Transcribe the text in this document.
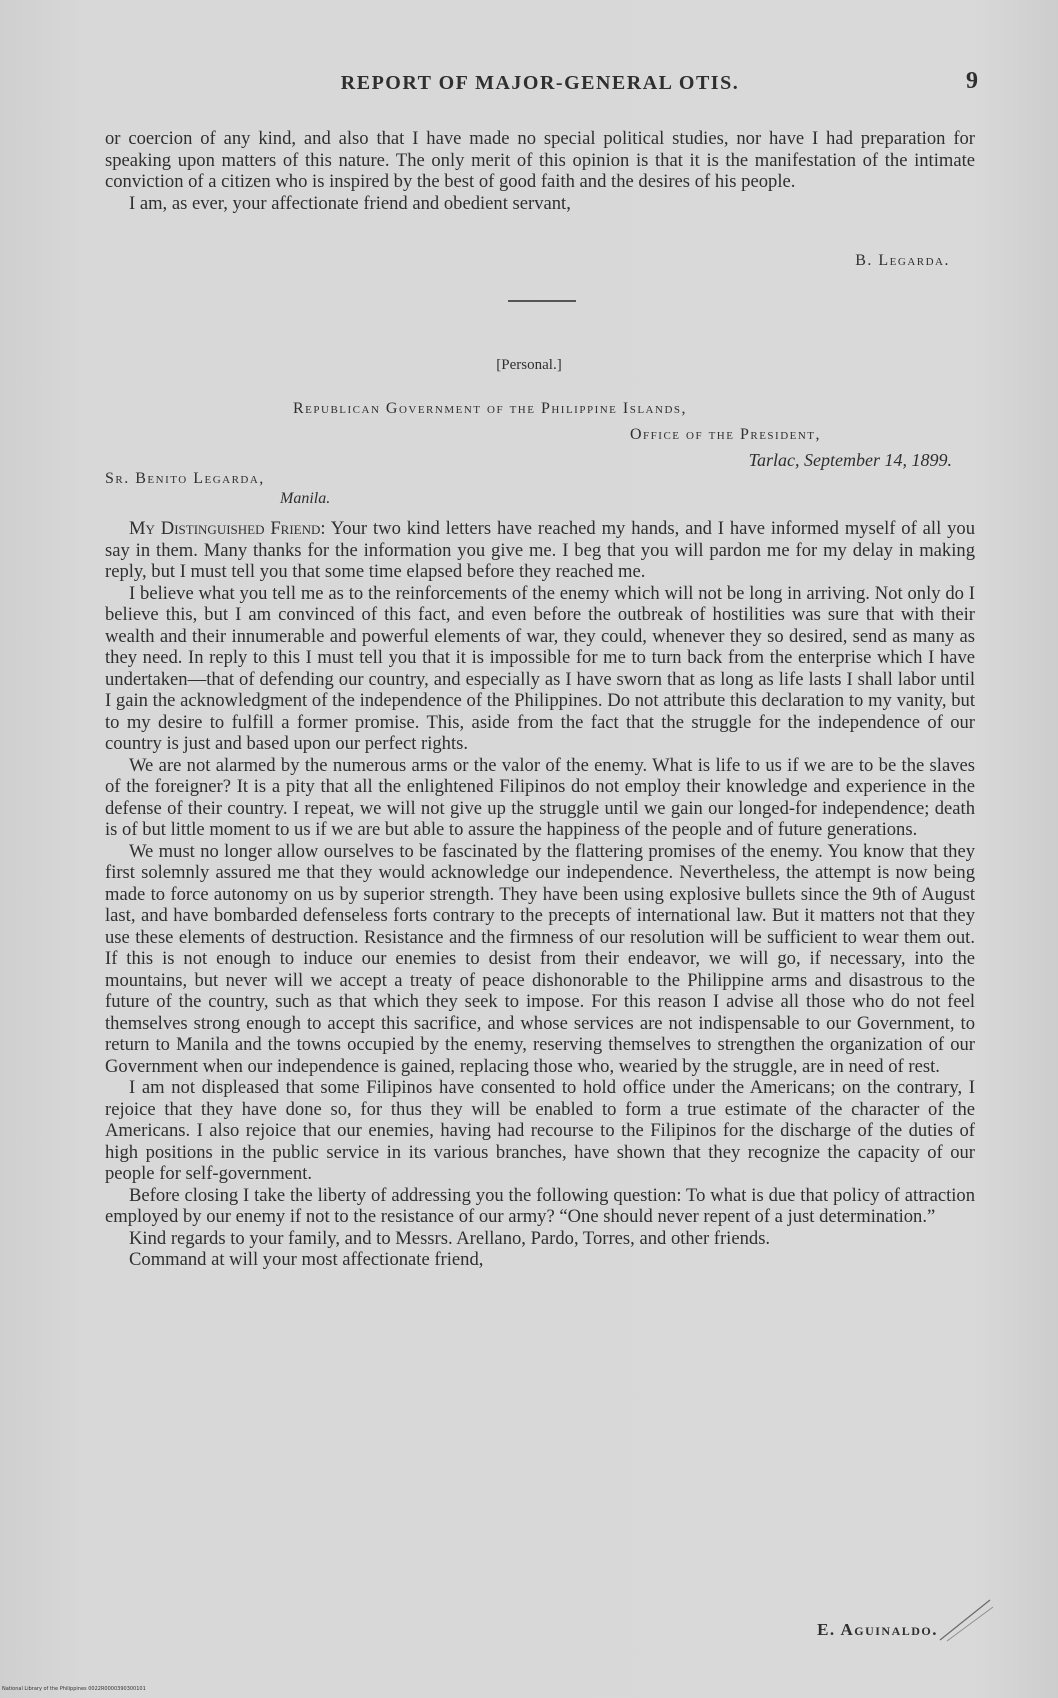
REPORT OF MAJOR-GENERAL OTIS.	9

or coercion of any kind, and also that I have made no special political studies, nor have I had preparation for speaking upon matters of this nature. The only merit of this opinion is that it is the manifestation of the intimate conviction of a citizen who is inspired by the best of good faith and the desires of his people.

I am, as ever, your affectionate friend and obedient servant,

B. Legarda.
[Personal.]
Republican Government of the Philippine Islands,
Office of the President,
Tarlac, September 14, 1899.
Sr. Benito Legarda,
Manila.

My Distinguished Friend: Your two kind letters have reached my hands, and I have informed myself of all you say in them. Many thanks for the information you give me. I beg that you will pardon me for my delay in making reply, but I must tell you that some time elapsed before they reached me.

I believe what you tell me as to the reinforcements of the enemy which will not be long in arriving. Not only do I believe this, but I am convinced of this fact, and even before the outbreak of hostilities was sure that with their wealth and their innumerable and powerful elements of war, they could, whenever they so desired, send as many as they need. In reply to this I must tell you that it is impossible for me to turn back from the enterprise which I have undertaken—that of defending our country, and especially as I have sworn that as long as life lasts I shall labor until I gain the acknowledgment of the independence of the Philippines. Do not attribute this declaration to my vanity, but to my desire to fulfill a former promise. This, aside from the fact that the struggle for the independence of our country is just and based upon our perfect rights.

We are not alarmed by the numerous arms or the valor of the enemy. What is life to us if we are to be the slaves of the foreigner? It is a pity that all the enlightened Filipinos do not employ their knowledge and experience in the defense of their country. I repeat, we will not give up the struggle until we gain our longed-for independence; death is of but little moment to us if we are but able to assure the happiness of the people and of future generations.

We must no longer allow ourselves to be fascinated by the flattering promises of the enemy. You know that they first solemnly assured me that they would acknowledge our independence. Nevertheless, the attempt is now being made to force autonomy on us by superior strength. They have been using explosive bullets since the 9th of August last, and have bombarded defenseless forts contrary to the precepts of international law. But it matters not that they use these elements of destruction. Resistance and the firmness of our resolution will be sufficient to wear them out. If this is not enough to induce our enemies to desist from their endeavor, we will go, if necessary, into the mountains, but never will we accept a treaty of peace dishonorable to the Philippine arms and disastrous to the future of the country, such as that which they seek to impose. For this reason I advise all those who do not feel themselves strong enough to accept this sacrifice, and whose services are not indispensable to our Government, to return to Manila and the towns occupied by the enemy, reserving themselves to strengthen the organization of our Government when our independence is gained, replacing those who, wearied by the struggle, are in need of rest.

I am not displeased that some Filipinos have consented to hold office under the Americans; on the contrary, I rejoice that they have done so, for thus they will be enabled to form a true estimate of the character of the Americans. I also rejoice that our enemies, having had recourse to the Filipinos for the discharge of the duties of high positions in the public service in its various branches, have shown that they recognize the capacity of our people for self-government.

Before closing I take the liberty of addressing you the following question: To what is due that policy of attraction employed by our enemy if not to the resistance of our army? “One should never repent of a just determination.”

Kind regards to your family, and to Messrs. Arellano, Pardo, Torres, and other friends.

Command at will your most affectionate friend,

E. Aguinaldo.
National Library of the Philippines 0022R0000390300101
